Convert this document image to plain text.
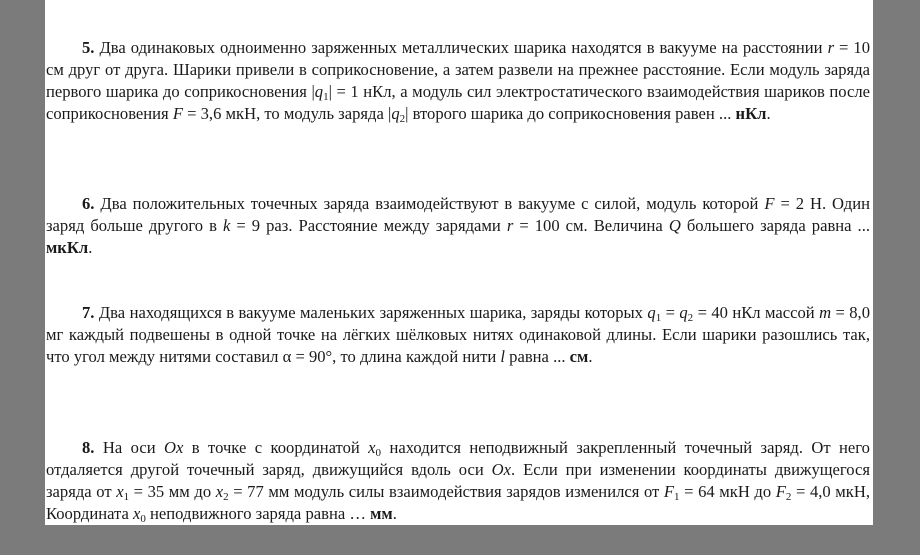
5. Два одинаковых одноименно заряженных металлических шарика находятся в вакууме на расстоянии r = 10 см друг от друга. Шарики привели в соприкосновение, а затем развели на прежнее расстояние. Если модуль заряда первого шарика до соприкосновения $|q_1| = 1$ нКл, а модуль сил электростатического взаимодействия шариков после соприкосновения F = 3,6 мкН, то модуль заряда $|q_2|$ второго шарика до соприкосновения равен ... нКл.

6. Два положительных точечных заряда взаимодействуют в вакууме с силой, модуль которой F = 2 Н. Один заряд больше другого в k = 9 раз. Расстояние между зарядами r = 100 см. Величина Q большего заряда равна ... мкКл.

7. Два находящихся в вакууме маленьких заряженных шарика, заряды которых $q_1 = q_2 = 40$ нКл массой m = 8,0 мг каждый подвешены в одной точке на лёгких шёлковых нитях одинаковой длины. Если шарики разошлись так, что угол между нитями составил α = 90°, то длина каждой нити l равна ... см.

8. На оси Ox в точке с координатой $x_0$ находится неподвижный закрепленный точечный заряд. От него отдаляется другой точечный заряд, движущийся вдоль оси Ox. Если при изменении координаты движущегося заряда от $x_1 = 35$ мм до $x_2 = 77$ мм модуль силы взаимодействия зарядов изменился от $F_1 = 64$ мкН до $F_2 = 4,0$ мкН, Координата $x_0$ неподвижного заряда равна … мм.
